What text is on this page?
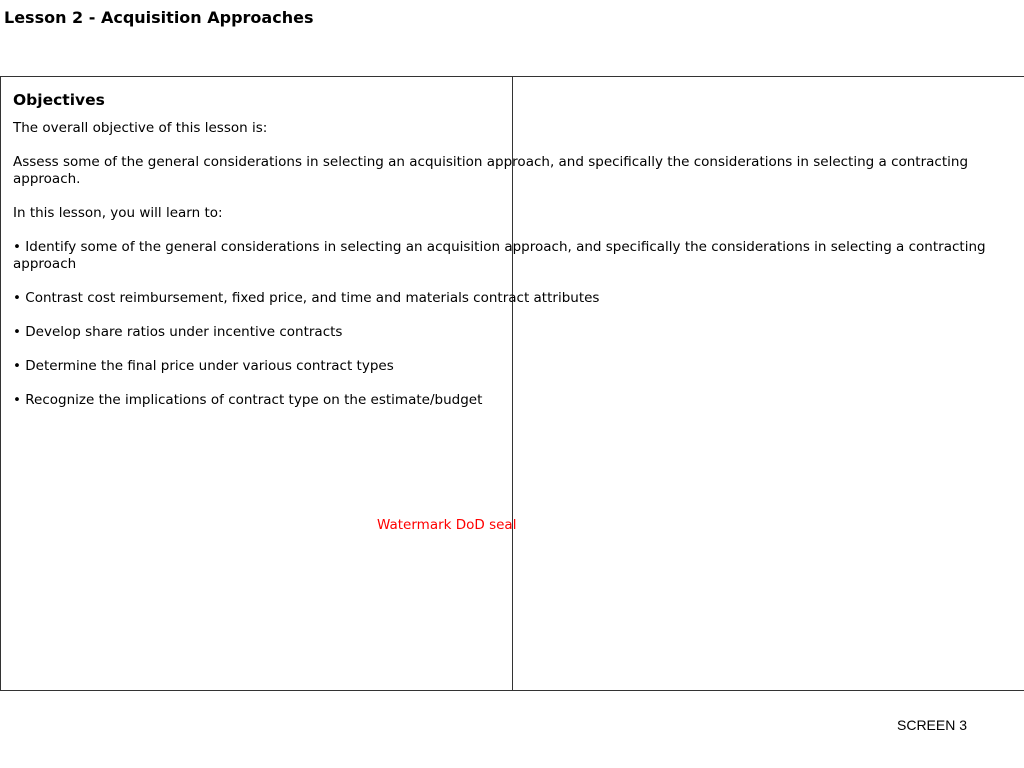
Lesson 2 - Acquisition Approaches
Objectives
The overall objective of this lesson is:
Assess some of the general considerations in selecting an acquisition approach, and specifically the considerations in selecting a contracting approach.
In this lesson, you will learn to:
• Identify some of the general considerations in selecting an acquisition approach, and specifically the considerations in selecting a contracting approach
• Contrast cost reimbursement, fixed price, and time and materials contract attributes
• Develop share ratios under incentive contracts
• Determine the final price under various contract types
• Recognize the implications of contract type on the estimate/budget
Watermark DoD seal
SCREEN 3
